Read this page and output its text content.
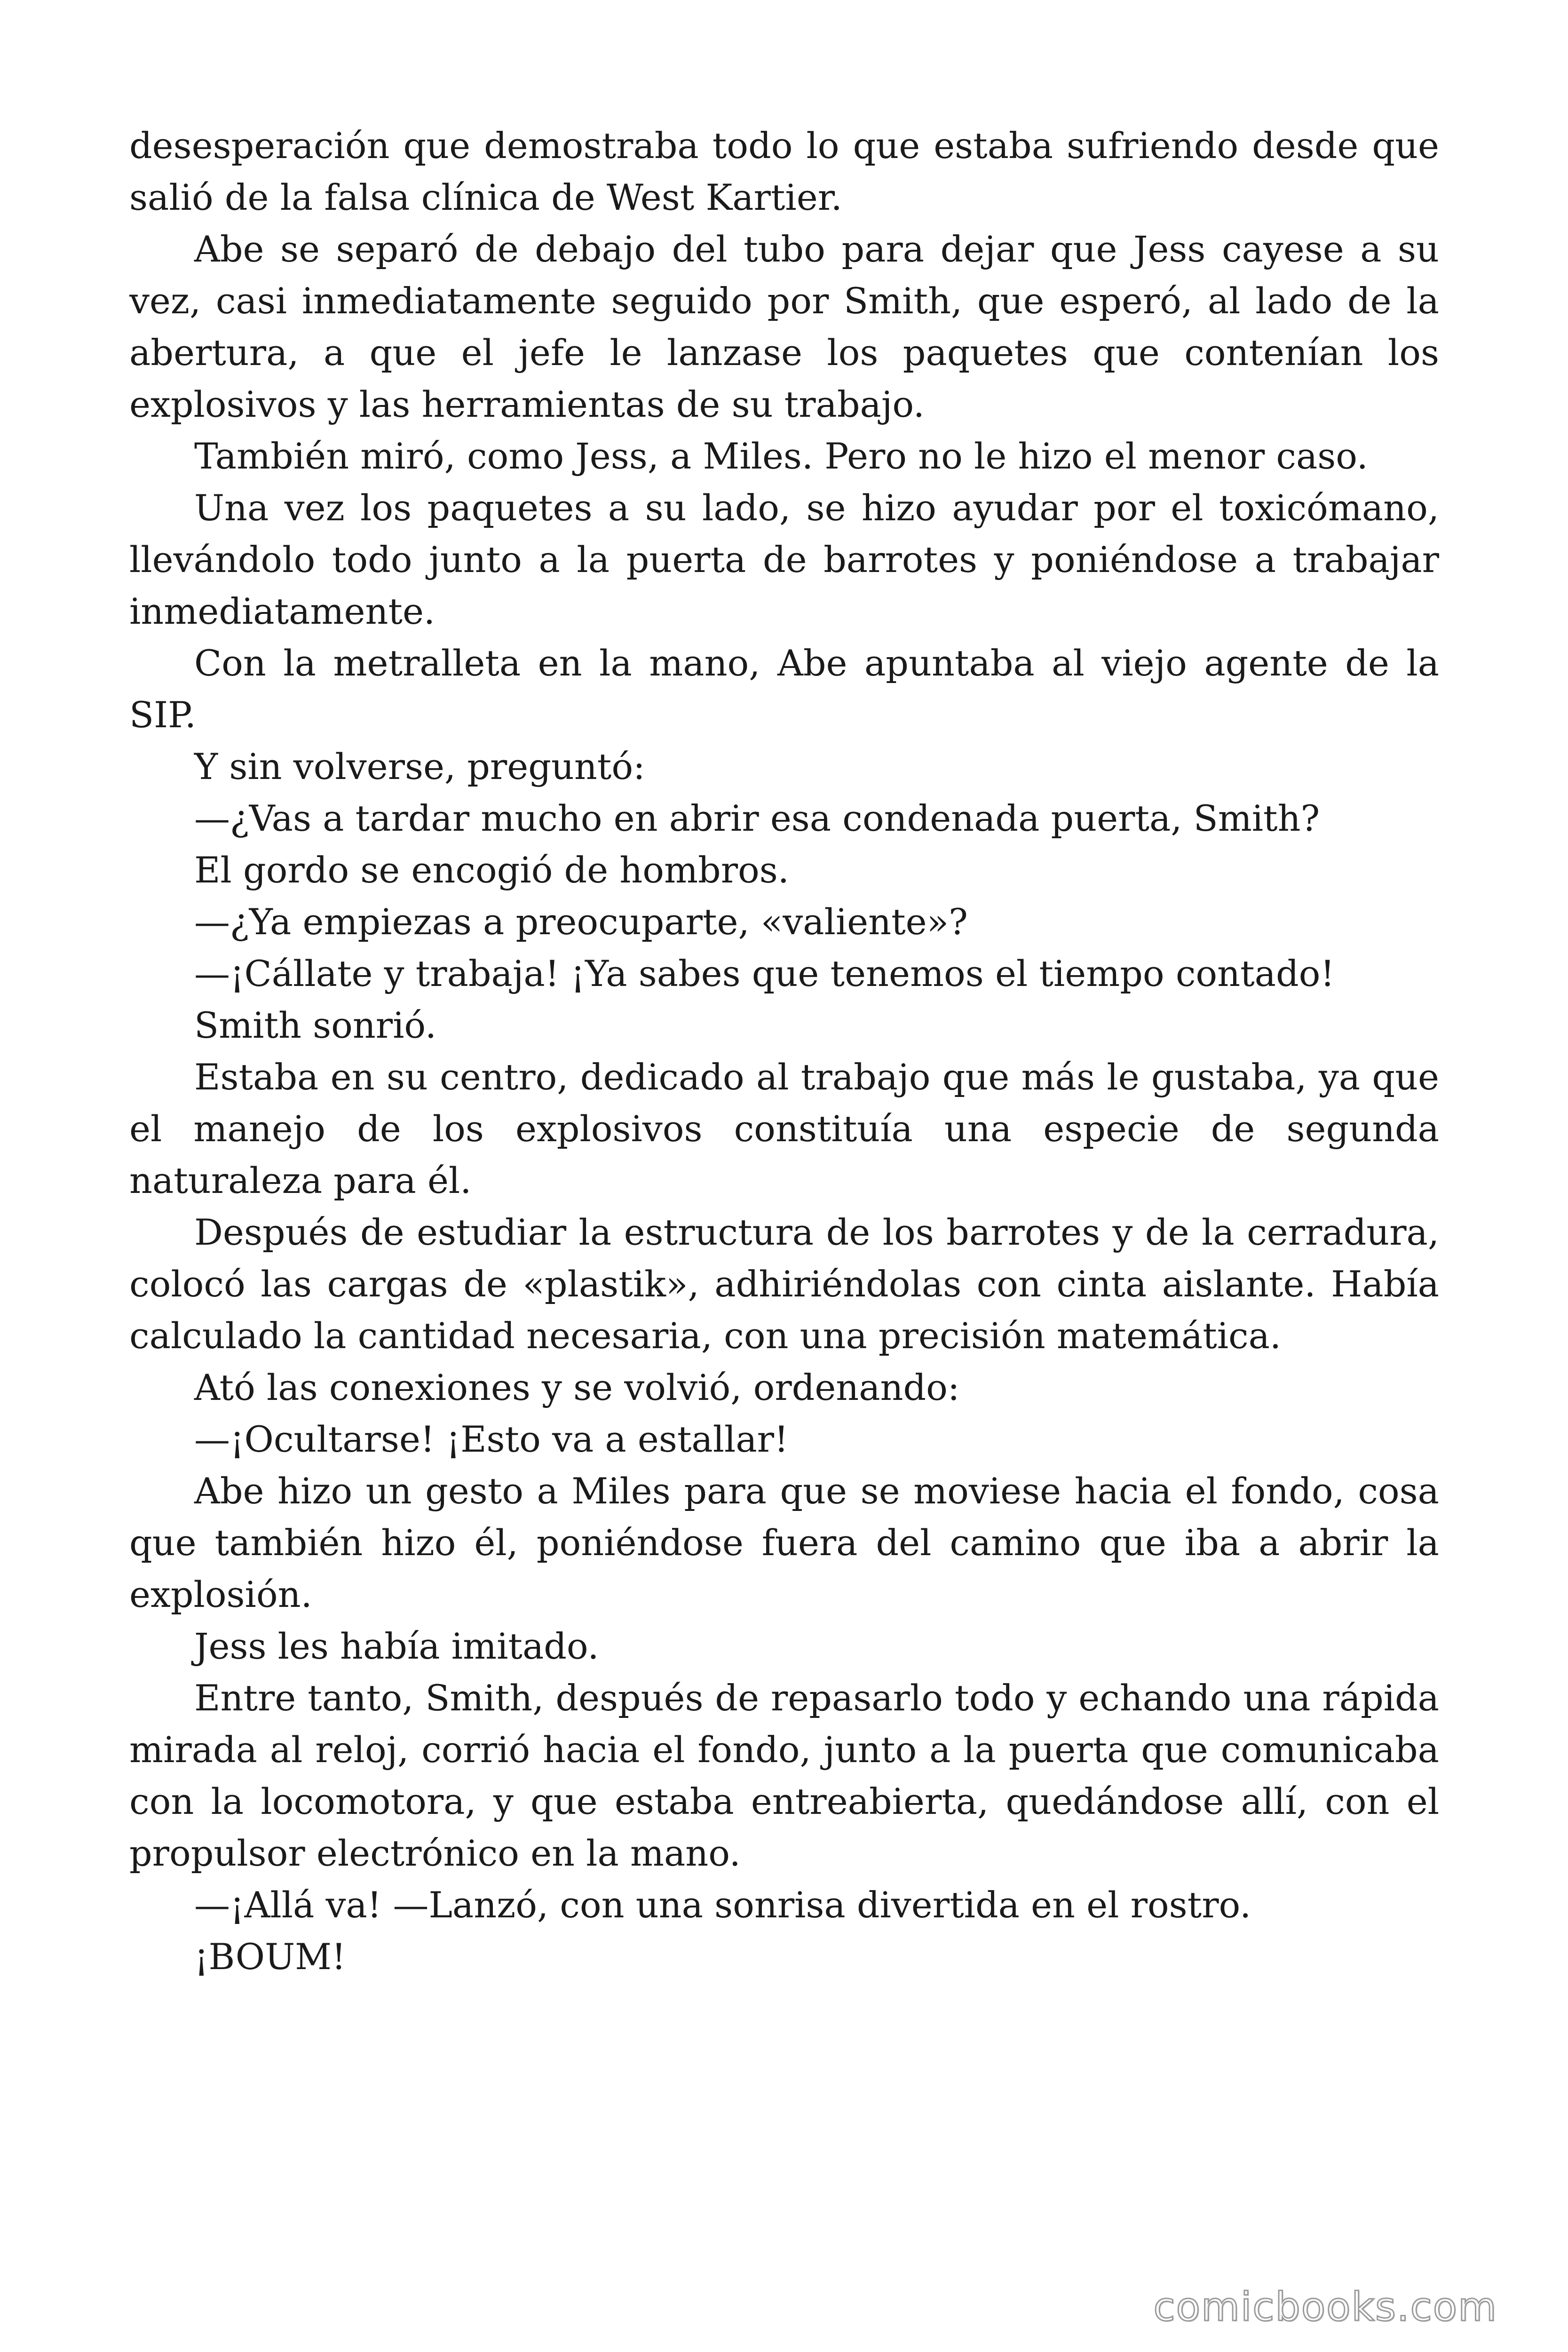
desesperación que demostraba todo lo que estaba sufriendo desde que salió de la falsa clínica de West Kartier.

Abe se separó de debajo del tubo para dejar que Jess cayese a su vez, casi inmediatamente seguido por Smith, que esperó, al lado de la abertura, a que el jefe le lanzase los paquetes que contenían los explosivos y las herramientas de su trabajo.

También miró, como Jess, a Miles. Pero no le hizo el menor caso.

Una vez los paquetes a su lado, se hizo ayudar por el toxicómano, llevándolo todo junto a la puerta de barrotes y poniéndose a trabajar inmediatamente.

Con la metralleta en la mano, Abe apuntaba al viejo agente de la SIP.

Y sin volverse, preguntó:

—¿Vas a tardar mucho en abrir esa condenada puerta, Smith?

El gordo se encogió de hombros.

—¿Ya empiezas a preocuparte, «valiente»?

—¡Cállate y trabaja! ¡Ya sabes que tenemos el tiempo contado!

Smith sonrió.

Estaba en su centro, dedicado al trabajo que más le gustaba, ya que el manejo de los explosivos constituía una especie de segunda naturaleza para él.

Después de estudiar la estructura de los barrotes y de la cerradura, colocó las cargas de «plastik», adhiriéndolas con cinta aislante. Había calculado la cantidad necesaria, con una precisión matemática.

Ató las conexiones y se volvió, ordenando:

—¡Ocultarse! ¡Esto va a estallar!

Abe hizo un gesto a Miles para que se moviese hacia el fondo, cosa que también hizo él, poniéndose fuera del camino que iba a abrir la explosión.

Jess les había imitado.

Entre tanto, Smith, después de repasarlo todo y echando una rápida mirada al reloj, corrió hacia el fondo, junto a la puerta que comunicaba con la locomotora, y que estaba entreabierta, quedándose allí, con el propulsor electrónico en la mano.

—¡Allá va! —Lanzó, con una sonrisa divertida en el rostro.

¡BOUM!

comicbooks.com
